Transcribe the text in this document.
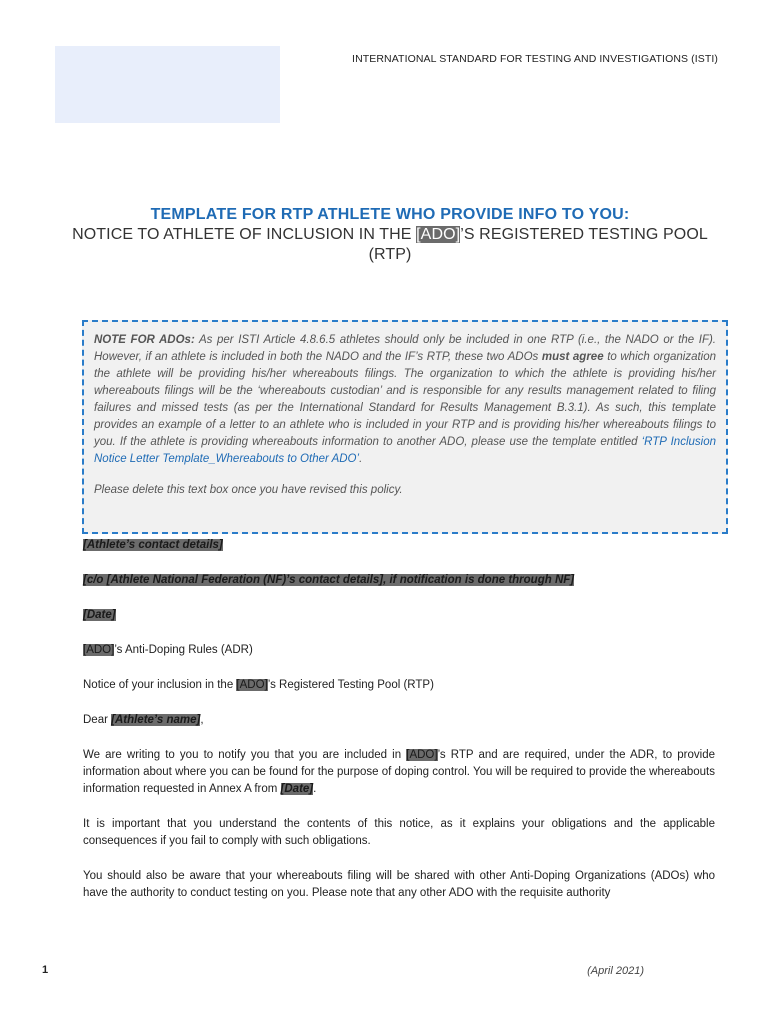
INTERNATIONAL STANDARD FOR TESTING AND INVESTIGATIONS (ISTI)
TEMPLATE FOR RTP ATHLETE WHO PROVIDE INFO TO YOU:
NOTICE TO ATHLETE OF INCLUSION IN THE [ADO]’S REGISTERED TESTING POOL (RTP)

NOTE FOR ADOs: As per ISTI Article 4.8.6.5 athletes should only be included in one RTP (i.e., the NADO or the IF). However, if an athlete is included in both the NADO and the IF’s RTP, these two ADOs must agree to which organization the athlete will be providing his/her whereabouts filings. The organization to which the athlete is providing his/her whereabouts filings will be the ‘whereabouts custodian’ and is responsible for any results management related to filing failures and missed tests (as per the International Standard for Results Management B.3.1). As such, this template provides an example of a letter to an athlete who is included in your RTP and is providing his/her whereabouts filings to you. If the athlete is providing whereabouts information to another ADO, please use the template entitled ‘RTP Inclusion Notice Letter Template_Whereabouts to Other ADO’.

Please delete this text box once you have revised this policy.

[Athlete’s contact details]

[c/o [Athlete National Federation (NF)’s contact details], if notification is done through NF]

[Date]

[ADO]’s Anti-Doping Rules (ADR)

Notice of your inclusion in the [ADO]’s Registered Testing Pool (RTP)

Dear [Athlete’s name],

We are writing to you to notify you that you are included in [ADO]’s RTP and are required, under the ADR, to provide information about where you can be found for the purpose of doping control. You will be required to provide the whereabouts information requested in Annex A from [Date].

It is important that you understand the contents of this notice, as it explains your obligations and the applicable consequences if you fail to comply with such obligations.

You should also be aware that your whereabouts filing will be shared with other Anti-Doping Organizations (ADOs) who have the authority to conduct testing on you. Please note that any other ADO with the requisite authority

1	(April 2021)
